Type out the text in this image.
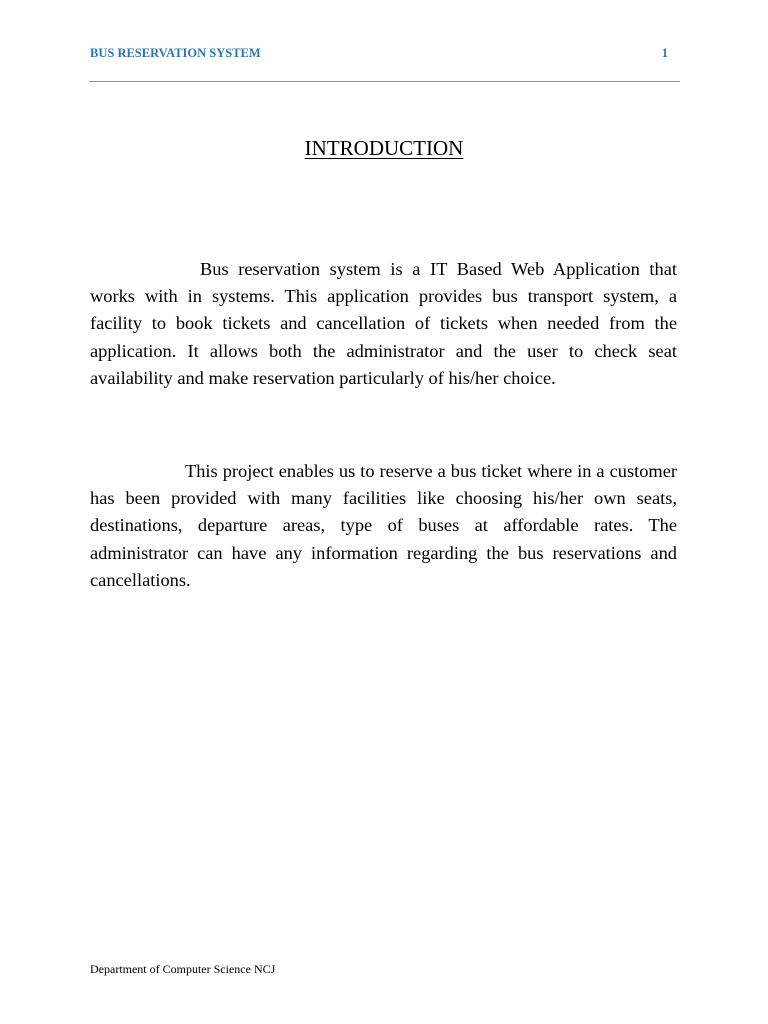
BUS RESERVATION SYSTEM	1
INTRODUCTION

Bus reservation system is a IT Based Web Application that works with in systems. This application provides bus transport system, a facility to book tickets and cancellation of tickets when needed from the application. It allows both the administrator and the user to check seat availability and make reservation particularly of his/her choice.

This project enables us to reserve a bus ticket where in a customer has been provided with many facilities like choosing his/her own seats, destinations, departure areas, type of buses at affordable rates. The administrator can have any information regarding the bus reservations and cancellations.

Department of Computer Science NCJ
